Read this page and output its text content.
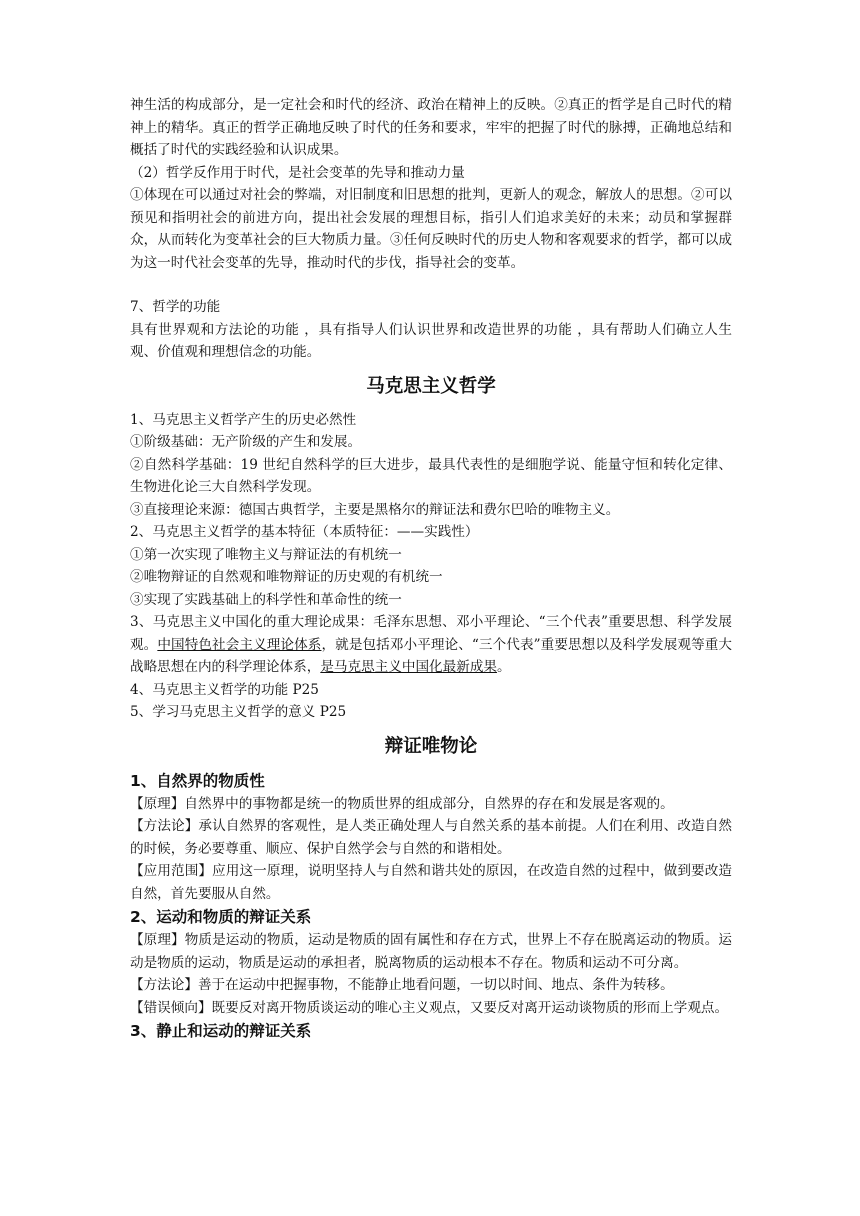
神生活的构成部分，是一定社会和时代的经济、政治在精神上的反映。②真正的哲学是自己时代的精神上的精华。真正的哲学正确地反映了时代的任务和要求，牢牢的把握了时代的脉搏，正确地总结和概括了时代的实践经验和认识成果。

（2）哲学反作用于时代，是社会变革的先导和推动力量

①体现在可以通过对社会的弊端，对旧制度和旧思想的批判，更新人的观念，解放人的思想。②可以预见和指明社会的前进方向，提出社会发展的理想目标，指引人们追求美好的未来；动员和掌握群众，从而转化为变革社会的巨大物质力量。③任何反映时代的历史人物和客观要求的哲学，都可以成为这一时代社会变革的先导，推动时代的步伐，指导社会的变革。

7、哲学的功能

具有世界观和方法论的功能 ，具有指导人们认识世界和改造世界的功能 ，具有帮助人们确立人生观、价值观和理想信念的功能。

马克思主义哲学

1、马克思主义哲学产生的历史必然性

①阶级基础：无产阶级的产生和发展。

②自然科学基础：19 世纪自然科学的巨大进步，最具代表性的是细胞学说、能量守恒和转化定律、生物进化论三大自然科学发现。

③直接理论来源：德国古典哲学，主要是黑格尔的辩证法和费尔巴哈的唯物主义。

2、马克思主义哲学的基本特征（本质特征：——实践性）

①第一次实现了唯物主义与辩证法的有机统一

②唯物辩证的自然观和唯物辩证的历史观的有机统一

③实现了实践基础上的科学性和革命性的统一

3、马克思主义中国化的重大理论成果：毛泽东思想、邓小平理论、“三个代表”重要思想、科学发展观。中国特色社会主义理论体系，就是包括邓小平理论、“三个代表”重要思想以及科学发展观等重大战略思想在内的科学理论体系，是马克思主义中国化最新成果。

4、马克思主义哲学的功能 P25

5、学习马克思主义哲学的意义 P25

辩证唯物论

1、自然界的物质性

【原理】自然界中的事物都是统一的物质世界的组成部分，自然界的存在和发展是客观的。

【方法论】承认自然界的客观性，是人类正确处理人与自然关系的基本前提。人们在利用、改造自然的时候，务必要尊重、顺应、保护自然学会与自然的和谐相处。

【应用范围】应用这一原理，说明坚持人与自然和谐共处的原因，在改造自然的过程中，做到要改造自然，首先要服从自然。

2、运动和物质的辩证关系

【原理】物质是运动的物质，运动是物质的固有属性和存在方式，世界上不存在脱离运动的物质。运动是物质的运动，物质是运动的承担者，脱离物质的运动根本不存在。物质和运动不可分离。

【方法论】善于在运动中把握事物，不能静止地看问题，一切以时间、地点、条件为转移。

【错误倾向】既要反对离开物质谈运动的唯心主义观点，又要反对离开运动谈物质的形而上学观点。

3、静止和运动的辩证关系
